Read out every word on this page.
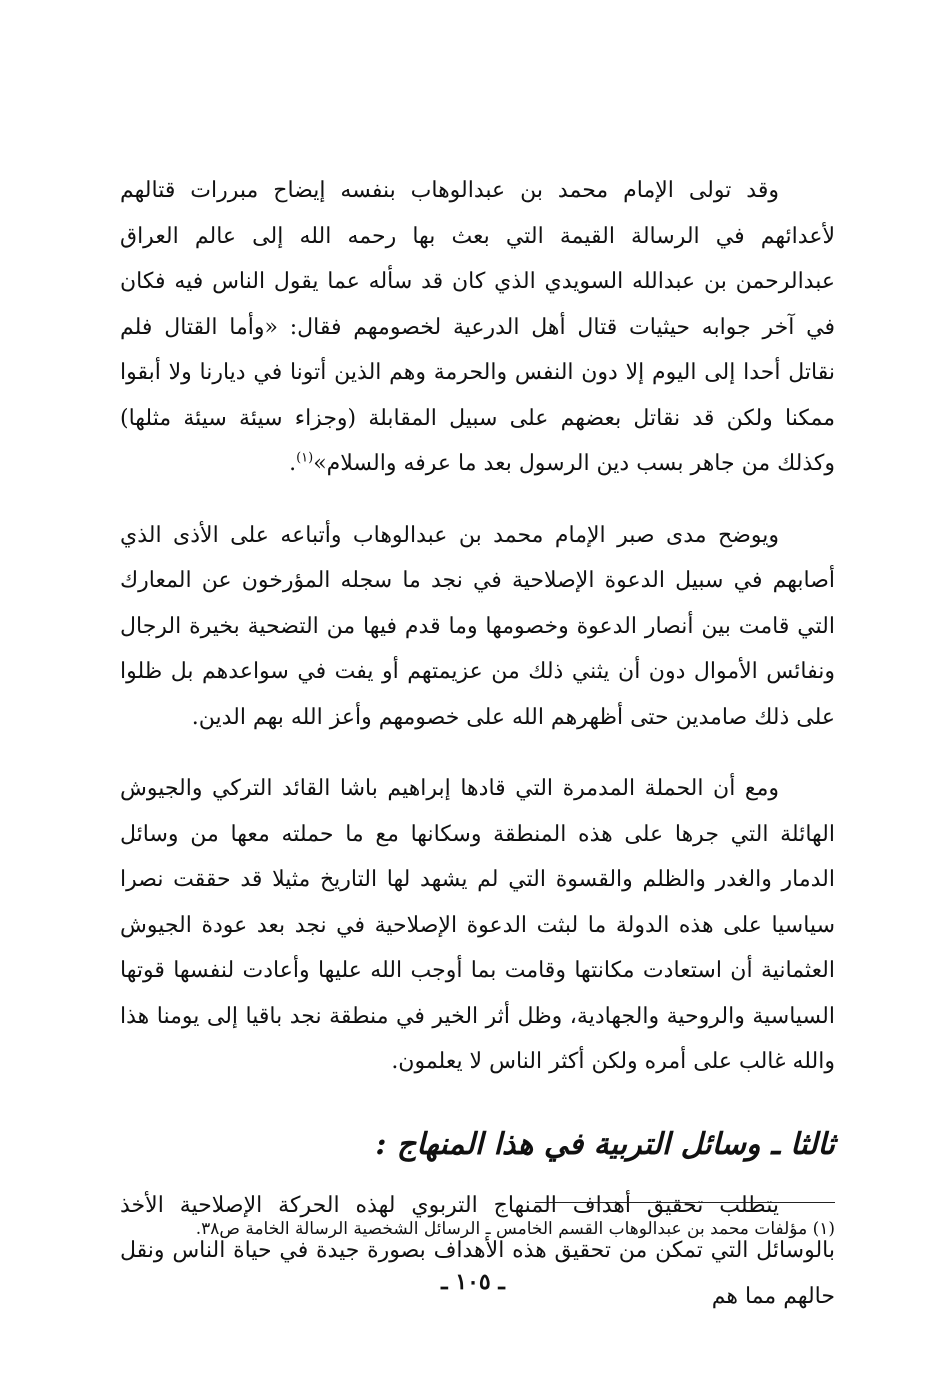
وقد تولى الإمام محمد بن عبدالوهاب بنفسه إيضاح مبررات قتالهم لأعدائهم في الرسالة القيمة التي بعث بها رحمه الله إلى عالم العراق عبدالرحمن بن عبدالله السويدي الذي كان قد سأله عما يقول الناس فيه فكان في آخر جوابه حيثيات قتال أهل الدرعية لخصومهم فقال: «وأما القتال فلم نقاتل أحدا إلى اليوم إلا دون النفس والحرمة وهم الذين أتونا في ديارنا ولا أبقوا ممكنا ولكن قد نقاتل بعضهم على سبيل المقابلة (وجزاء سيئة سيئة مثلها) وكذلك من جاهر بسب دين الرسول بعد ما عرفه والسلام»$^{(١)}$.

ويوضح مدى صبر الإمام محمد بن عبدالوهاب وأتباعه على الأذى الذي أصابهم في سبيل الدعوة الإصلاحية في نجد ما سجله المؤرخون عن المعارك التي قامت بين أنصار الدعوة وخصومها وما قدم فيها من التضحية بخيرة الرجال ونفائس الأموال دون أن يثني ذلك من عزيمتهم أو يفت في سواعدهم بل ظلوا على ذلك صامدين حتى أظهرهم الله على خصومهم وأعز الله بهم الدين.

ومع أن الحملة المدمرة التي قادها إبراهيم باشا القائد التركي والجيوش الهائلة التي جرها على هذه المنطقة وسكانها مع ما حملته معها من وسائل الدمار والغدر والظلم والقسوة التي لم يشهد لها التاريخ مثيلا قد حققت نصرا سياسيا على هذه الدولة ما لبثت الدعوة الإصلاحية في نجد بعد عودة الجيوش العثمانية أن استعادت مكانتها وقامت بما أوجب الله عليها وأعادت لنفسها قوتها السياسية والروحية والجهادية، وظل أثر الخير في منطقة نجد باقيا إلى يومنا هذا والله غالب على أمره ولكن أكثر الناس لا يعلمون.

ثالثا ـ وسائل التربية في هذا المنهاج :

يتطلب تحقيق أهداف المنهاج التربوي لهذه الحركة الإصلاحية الأخذ بالوسائل التي تمكن من تحقيق هذه الأهداف بصورة جيدة في حياة الناس ونقل حالهم مما هم

(١) مؤلفات محمد بن عبدالوهاب القسم الخامس ـ الرسائل الشخصية الرسالة الخامة ص٣٨.
ـ ١٠٥ ـ
